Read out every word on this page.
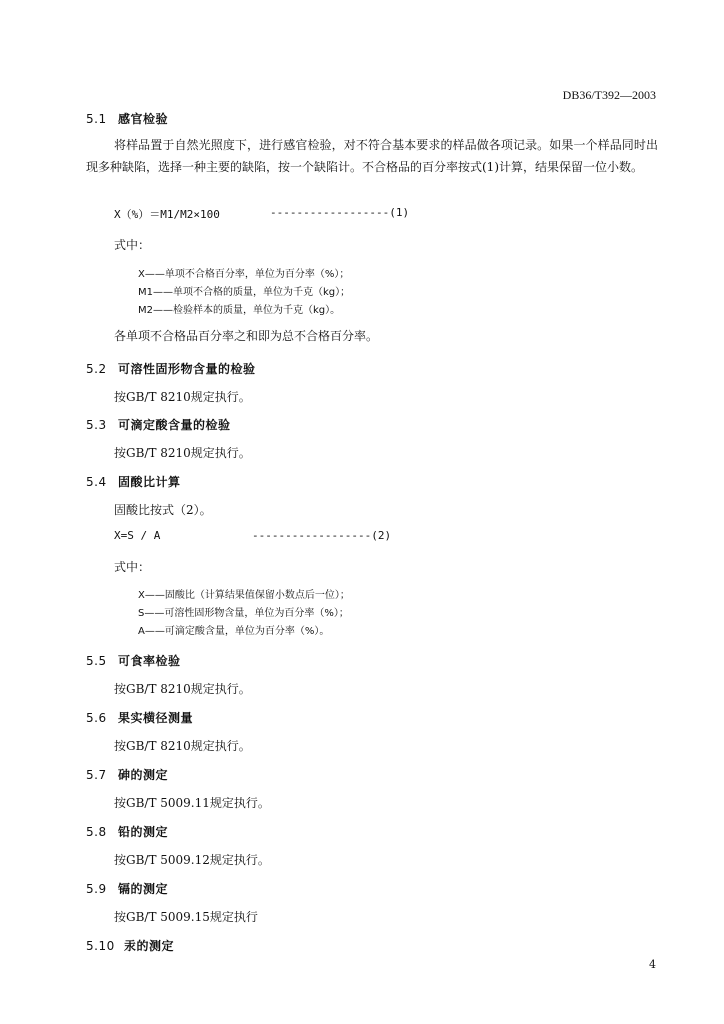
DB36/T392—2003
5.1 感官检验
将样品置于自然光照度下，进行感官检验，对不符合基本要求的样品做各项记录。如果一个样品同时出现多种缺陷，选择一种主要的缺陷，按一个缺陷计。不合格品的百分率按式(1)计算，结果保留一位小数。
X（%）＝M1/M2×100	------------------(1)
式中：
X——单项不合格百分率，单位为百分率（%）；
M1——单项不合格的质量，单位为千克（kg）；
M2——检验样本的质量，单位为千克（kg）。
各单项不合格品百分率之和即为总不合格百分率。
5.2 可溶性固形物含量的检验
按GB/T 8210规定执行。
5.3 可滴定酸含量的检验
按GB/T 8210规定执行。
5.4 固酸比计算
固酸比按式（2）。
X=S / A	------------------(2)
式中：
X——固酸比（计算结果值保留小数点后一位）；
S——可溶性固形物含量，单位为百分率（%）；
A——可滴定酸含量，单位为百分率（%）。
5.5 可食率检验
按GB/T 8210规定执行。
5.6 果实横径测量
按GB/T 8210规定执行。
5.7 砷的测定
按GB/T 5009.11规定执行。
5.8 铅的测定
按GB/T 5009.12规定执行。
5.9 镉的测定
按GB/T 5009.15规定执行
5.10 汞的测定
4
